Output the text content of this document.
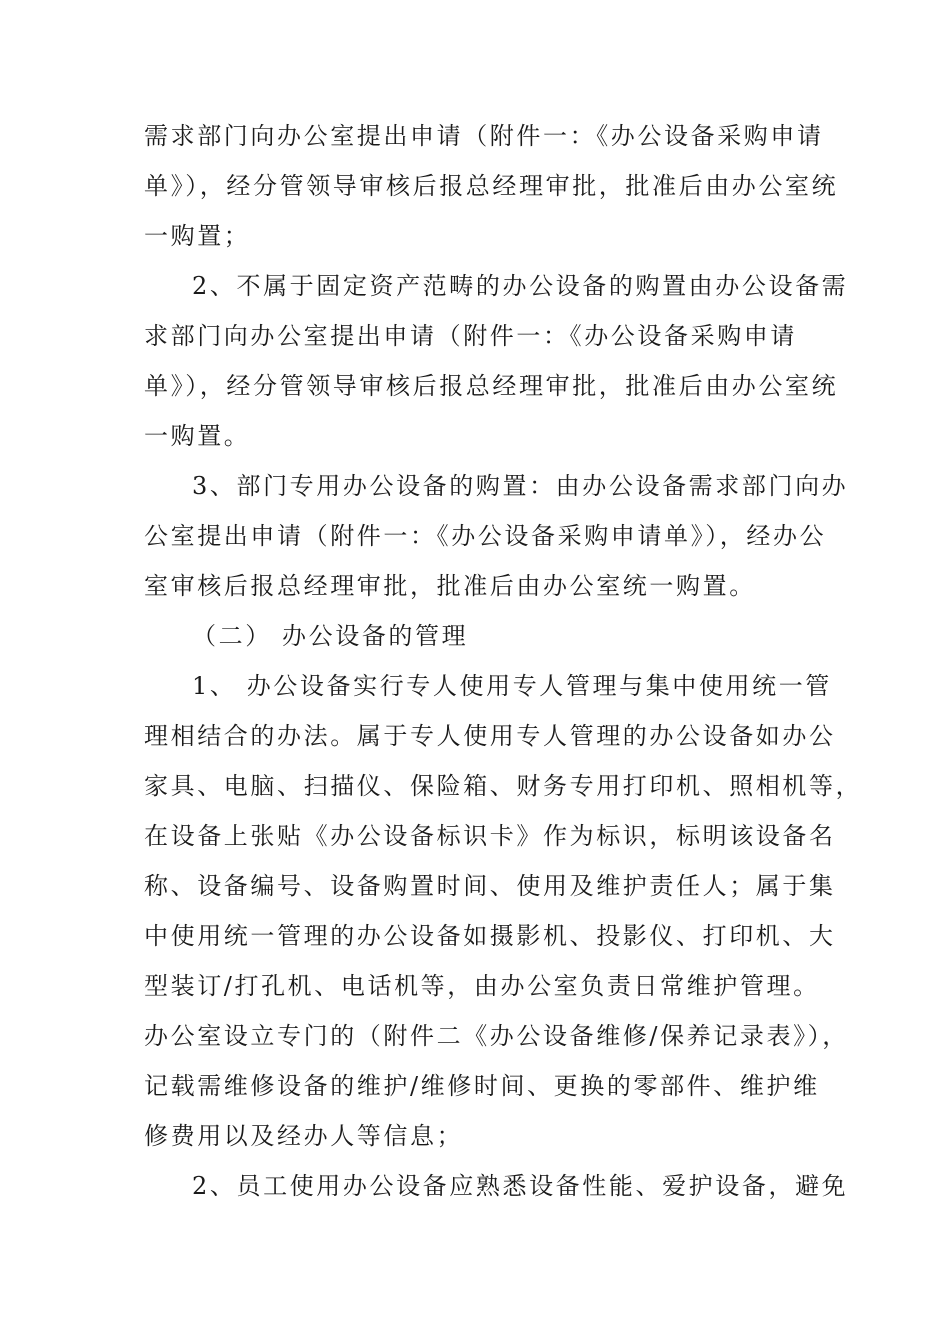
需求部门向办公室提出申请（附件一：《办公设备采购申请
单》），经分管领导审核后报总经理审批，批准后由办公室统
一购置；
2、不属于固定资产范畴的办公设备的购置由办公设备需
求部门向办公室提出申请（附件一：《办公设备采购申请
单》），经分管领导审核后报总经理审批，批准后由办公室统
一购置。
3、部门专用办公设备的购置：由办公设备需求部门向办
公室提出申请（附件一：《办公设备采购申请单》），经办公
室审核后报总经理审批，批准后由办公室统一购置。
（二） 办公设备的管理
1、 办公设备实行专人使用专人管理与集中使用统一管
理相结合的办法。属于专人使用专人管理的办公设备如办公
家具、电脑、扫描仪、保险箱、财务专用打印机、照相机等，
在设备上张贴《办公设备标识卡》作为标识，标明该设备名
称、设备编号、设备购置时间、使用及维护责任人；属于集
中使用统一管理的办公设备如摄影机、投影仪、打印机、大
型装订/打孔机、电话机等，由办公室负责日常维护管理。
办公室设立专门的（附件二《办公设备维修/保养记录表》），
记载需维修设备的维护/维修时间、更换的零部件、维护维
修费用以及经办人等信息；
2、员工使用办公设备应熟悉设备性能、爱护设备，避免
